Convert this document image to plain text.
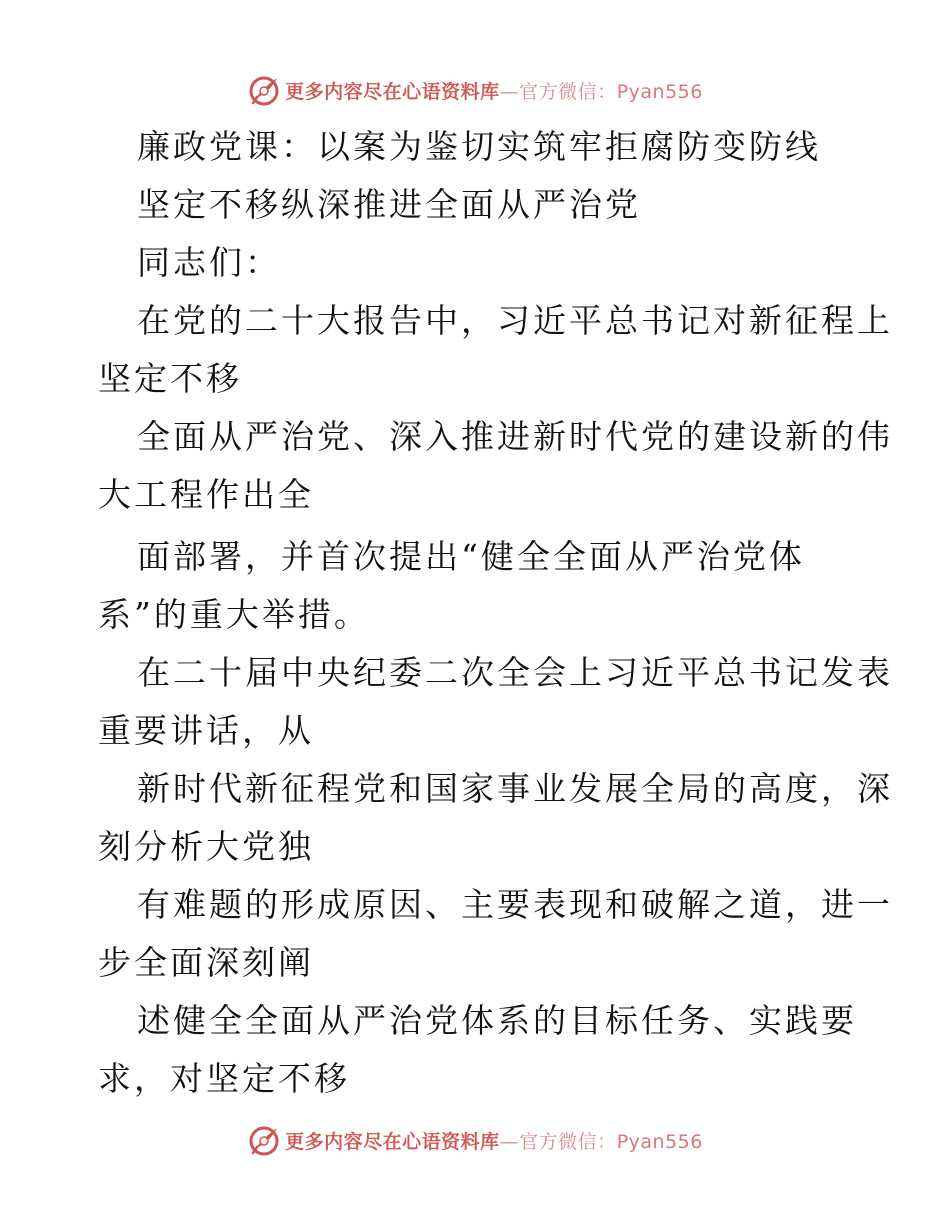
更多内容尽在心语资料库—官方微信：Pyan556
廉政党课：以案为鉴切实筑牢拒腐防变防线
坚定不移纵深推进全面从严治党
同志们：
在党的二十大报告中，习近平总书记对新征程上
坚定不移
全面从严治党、深入推进新时代党的建设新的伟
大工程作出全
面部署，并首次提出“健全全面从严治党体
系”的重大举措。
在二十届中央纪委二次全会上习近平总书记发表
重要讲话，从
新时代新征程党和国家事业发展全局的高度，深
刻分析大党独
有难题的形成原因、主要表现和破解之道，进一
步全面深刻阐
述健全全面从严治党体系的目标任务、实践要
求，对坚定不移
更多内容尽在心语资料库—官方微信：Pyan556
